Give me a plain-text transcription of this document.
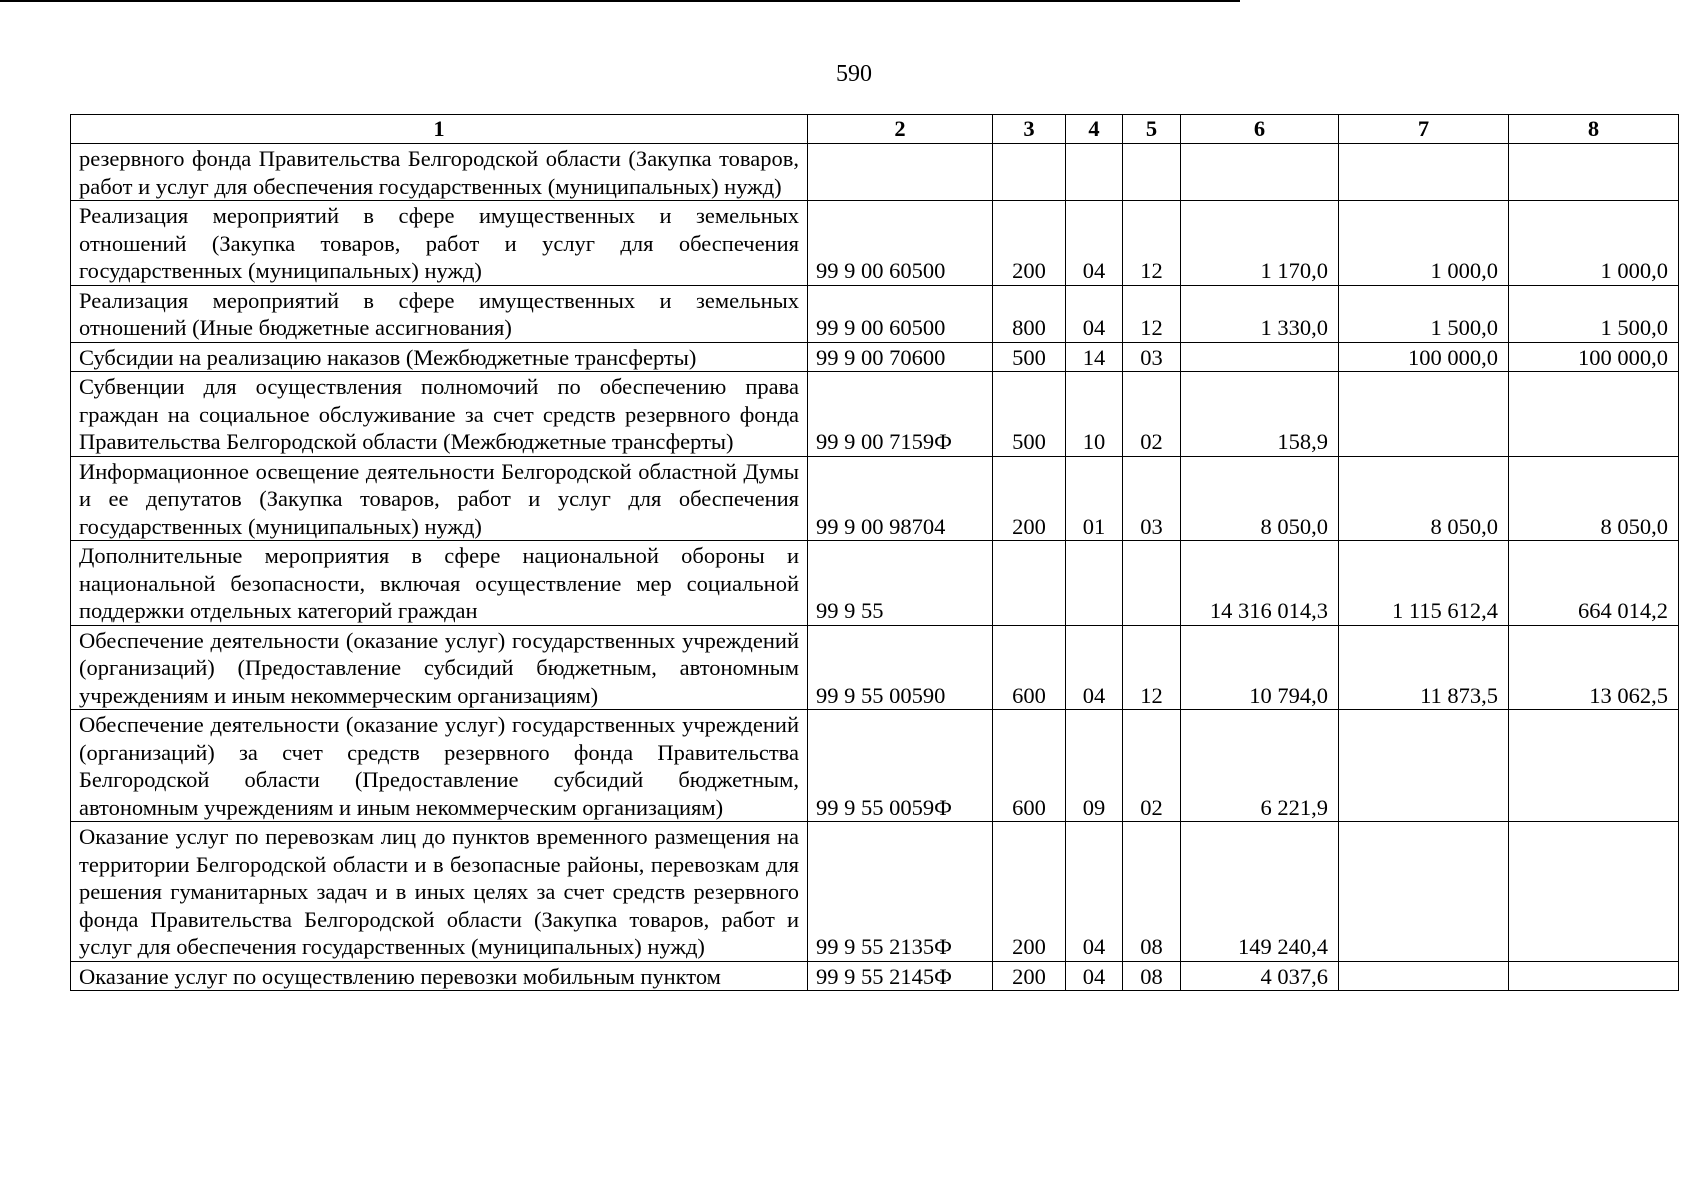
590
1	2	3	4	5	6	7	8
резервного фонда Правительства Белгородской области (Закупка товаров, работ и услуг для обеспечения государственных (муниципальных) нужд)							
Реализация мероприятий в сфере имущественных и земельных отношений (Закупка товаров, работ и услуг для обеспечения государственных (муниципальных) нужд)	99 9 00 60500	200	04	12	1 170,0	1 000,0	1 000,0
Реализация мероприятий в сфере имущественных и земельных отношений (Иные бюджетные ассигнования)	99 9 00 60500	800	04	12	1 330,0	1 500,0	1 500,0
Субсидии на реализацию наказов (Межбюджетные трансферты)	99 9 00 70600	500	14	03		100 000,0	100 000,0
Субвенции для осуществления полномочий по обеспечению права граждан на социальное обслуживание за счет средств резервного фонда Правительства Белгородской области (Межбюджетные трансферты)	99 9 00 7159Ф	500	10	02	158,9		
Информационное освещение деятельности Белгородской областной Думы и ее депутатов (Закупка товаров, работ и услуг для обеспечения государственных (муниципальных) нужд)	99 9 00 98704	200	01	03	8 050,0	8 050,0	8 050,0
Дополнительные мероприятия в сфере национальной обороны и национальной безопасности, включая осуществление мер социальной поддержки отдельных категорий граждан	99 9 55				14 316 014,3	1 115 612,4	664 014,2
Обеспечение деятельности (оказание услуг) государственных учреждений (организаций) (Предоставление субсидий бюджетным, автономным учреждениям и иным некоммерческим организациям)	99 9 55 00590	600	04	12	10 794,0	11 873,5	13 062,5
Обеспечение деятельности (оказание услуг) государственных учреждений (организаций) за счет средств резервного фонда Правительства Белгородской области (Предоставление субсидий бюджетным, автономным учреждениям и иным некоммерческим организациям)	99 9 55 0059Ф	600	09	02	6 221,9		
Оказание услуг по перевозкам лиц до пунктов временного размещения на территории Белгородской области и в безопасные районы, перевозкам для решения гуманитарных задач и в иных целях за счет средств резервного фонда Правительства Белгородской области (Закупка товаров, работ и услуг для обеспечения государственных (муниципальных) нужд)	99 9 55 2135Ф	200	04	08	149 240,4		
Оказание услуг по осуществлению перевозки мобильным пунктом	99 9 55 2145Ф	200	04	08	4 037,6		
